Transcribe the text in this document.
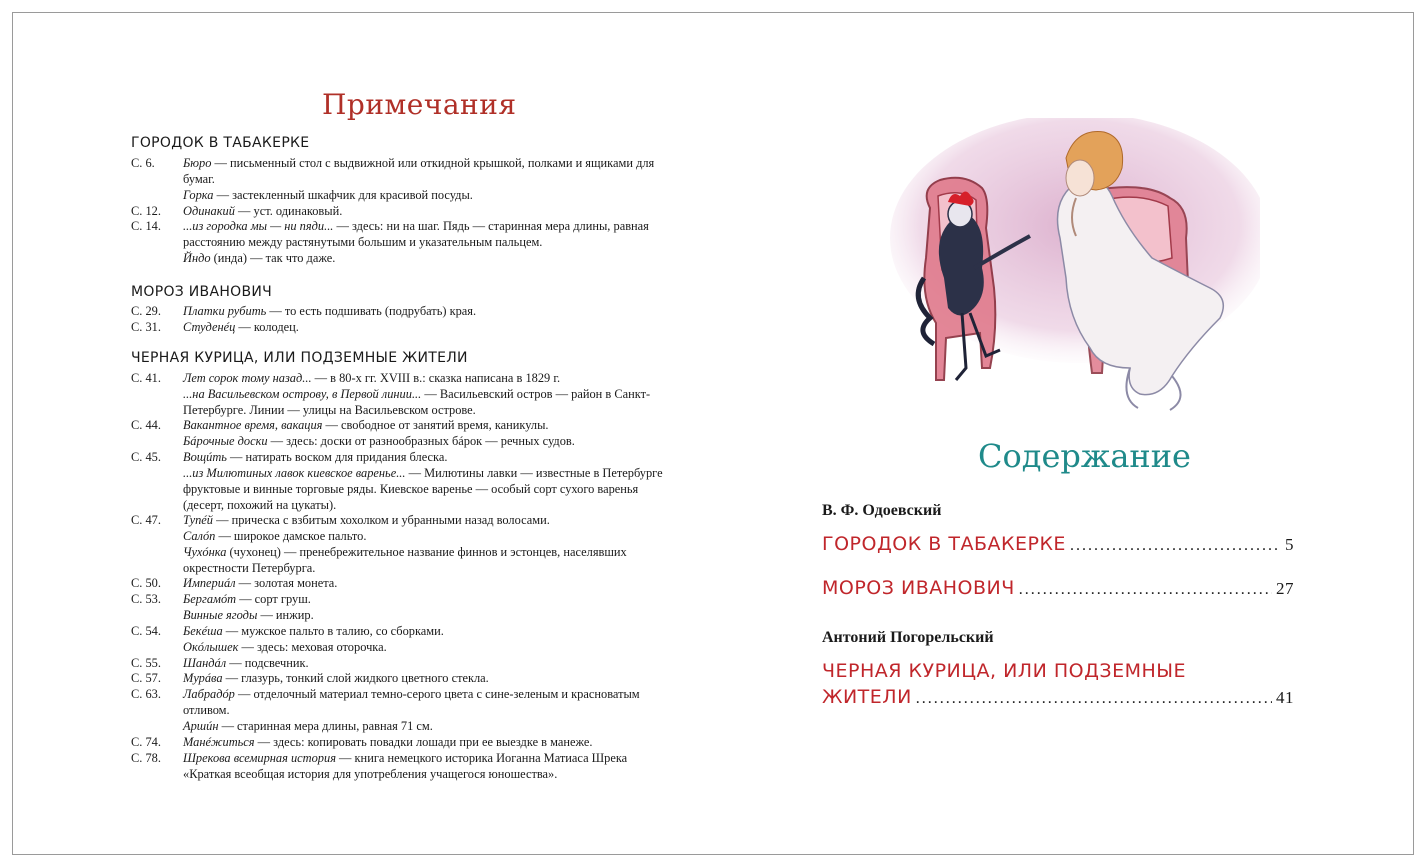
Примечания
ГОРОДОК В ТАБАКЕРКЕ
С. 6.	Бюро — письменный стол с выдвижной или откидной крышкой, полками и ящиками для бумаг.
Горка — застекленный шкафчик для красивой посуды.
С. 12.	Одинакий — уст. одинаковый.
С. 14.	...из городка мы — ни пяди... — здесь: ни на шаг. Пядь — старинная мера длины, равная расстоянию между растянутыми большим и указательным пальцем.
Йндо (инда) — так что даже.
МОРОЗ ИВАНОВИЧ
С. 29.	Платки рубить — то есть подшивать (подрубать) края.
С. 31.	Студенéц — колодец.
ЧЕРНАЯ КУРИЦА, ИЛИ ПОДЗЕМНЫЕ ЖИТЕЛИ
С. 41.	Лет сорок тому назад... — в 80-х гг. XVIII в.: сказка написана в 1829 г.
...на Васильевском острову, в Первой линии... — Васильевский остров — район в Санкт-Петербурге. Линии — улицы на Васильевском острове.
С. 44.	Вакантное время, вакация — свободное от занятий время, каникулы.
Бáрочные доски — здесь: доски от разнообразных бáрок — речных судов.
С. 45.	Вощúть — натирать воском для придания блеска.
...из Милютиных лавок киевское варенье... — Милютины лавки — известные в Петербурге фруктовые и винные торговые ряды. Киевское варенье — особый сорт сухого варенья (десерт, похожий на цукаты).
С. 47.	Тупéй — прическа с взбитым хохолком и убранными назад волосами.
Салóп — широкое дамское пальто.
Чухóнка (чухонец) — пренебрежительное название финнов и эстонцев, населявших окрестности Петербурга.
С. 50.	Империáл — золотая монета.
С. 53.	Бергамóт — сорт груш.
Винные ягоды — инжир.
С. 54.	Бекéша — мужское пальто в талию, со сборками.
Окóлышек — здесь: меховая оторочка.
С. 55.	Шандáл — подсвечник.
С. 57.	Мурáва — глазурь, тонкий слой жидкого цветного стекла.
С. 63.	Лабрадóр — отделочный материал темно-серого цвета с сине-зеленым и красноватым отливом.
Аршúн — старинная мера длины, равная 71 см.
С. 74.	Манéжиться — здесь: копировать повадки лошади при ее выездке в манеже.
С. 78.	Шрекова всемирная история — книга немецкого историка Иоганна Матиаса Шрека «Краткая всеобщая история для употребления учащегося юношества».
Содержание
В. Ф. Одоевский
ГОРОДОК В ТАБАКЕРКЕ .....	5
МОРОЗ ИВАНОВИЧ .....	27
Антоний Погорельский
ЧЕРНАЯ КУРИЦА, ИЛИ ПОДЗЕМНЫЕ
ЖИТЕЛИ .....	41
